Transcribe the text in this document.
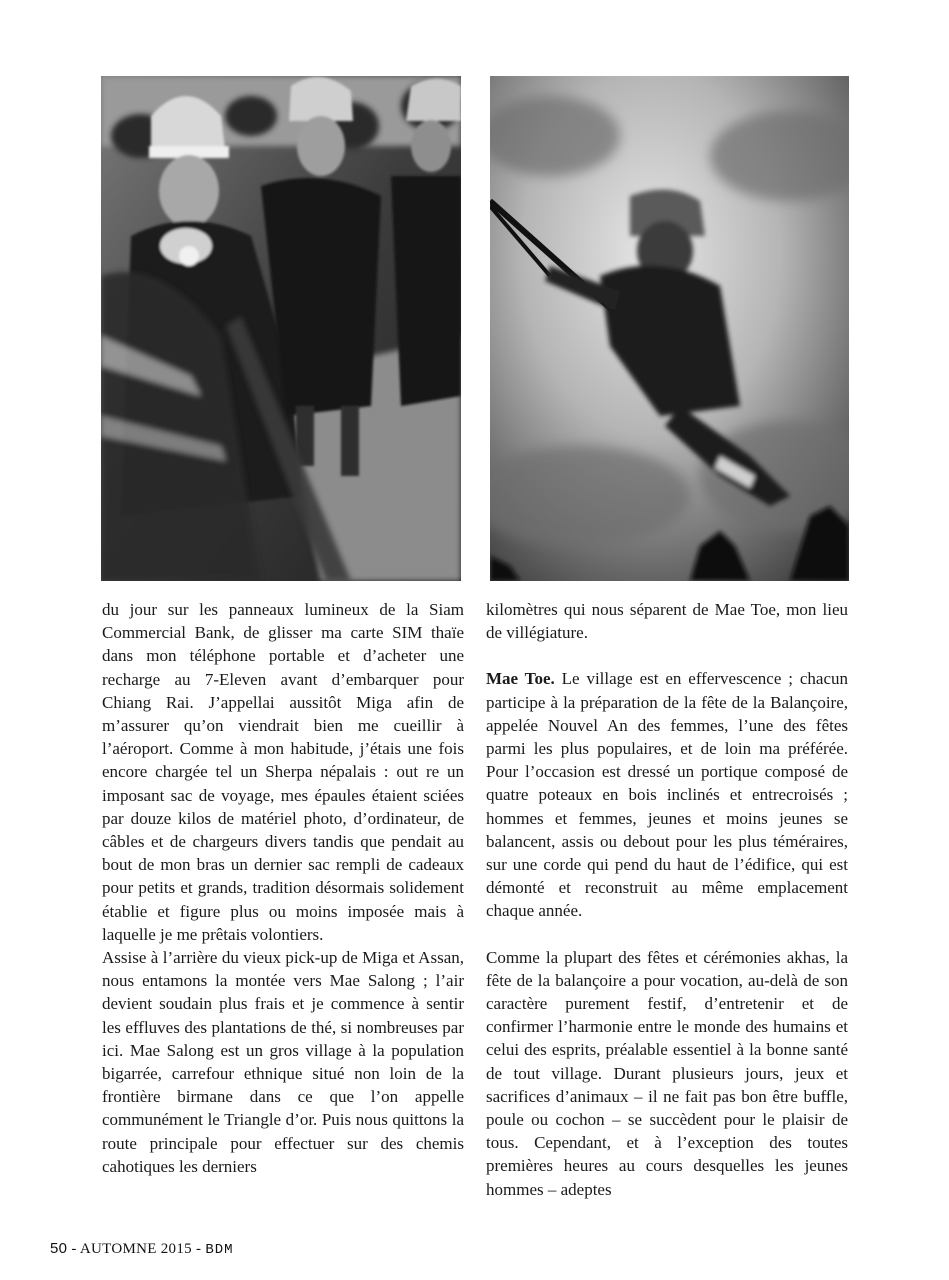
du jour sur les panneaux lumineux de la Siam Commercial Bank, de glisser ma carte SIM thaïe dans mon téléphone portable et d’acheter une recharge au 7-Eleven avant d’embarquer pour Chiang Rai. J’appellai aussitôt Miga afin de m’assurer qu’on viendrait bien me cueillir à l’aéroport. Comme à mon habitude, j’étais une fois encore chargée tel un Sherpa népalais : out re un imposant sac de voyage, mes épaules étaient sciées par douze kilos de matériel photo, d’ordinateur, de câbles et de chargeurs divers tandis que pendait au bout de mon bras un dernier sac rempli de cadeaux pour petits et grands, tradition désormais solidement établie et figure plus ou moins imposée mais à laquelle je me prêtais volontiers.

Assise à l’arrière du vieux pick-up de Miga et Assan, nous entamons la montée vers Mae Salong ; l’air devient soudain plus frais et je commence à sentir les effluves des plantations de thé, si nombreuses par ici. Mae Salong est un gros village à la population bigarrée, carrefour ethnique situé non loin de la frontière birmane dans ce que l’on appelle communément le Triangle d’or. Puis nous quittons la route principale pour effectuer sur des chemis cahotiques les derniers

kilomètres qui nous séparent de Mae Toe, mon lieu de villégiature.

Mae Toe. Le village est en effervescence ; chacun participe à la préparation de la fête de la Balançoire, appelée Nouvel An des femmes, l’une des fêtes parmi les plus populaires, et de loin ma préférée. Pour l’occasion est dressé un portique composé de quatre poteaux en bois inclinés et entrecroisés ; hommes et femmes, jeunes et moins jeunes se balancent, assis ou debout pour les plus téméraires, sur une corde qui pend du haut de l’édifice, qui est démonté et reconstruit au même emplacement chaque année.

Comme la plupart des fêtes et cérémonies akhas, la fête de la balançoire a pour vocation, au-delà de son caractère purement festif, d’entretenir et de confirmer l’harmonie entre le monde des humains et celui des esprits, préalable essentiel à la bonne santé de tout village. Durant plusieurs jours, jeux et sacrifices d’animaux – il ne fait pas bon être buffle, poule ou cochon – se succèdent pour le plaisir de tous. Cependant, et à l’exception des toutes premières heures au cours desquelles les jeunes hommes – adeptes

50 - AUTOMNE 2015 - BDM
